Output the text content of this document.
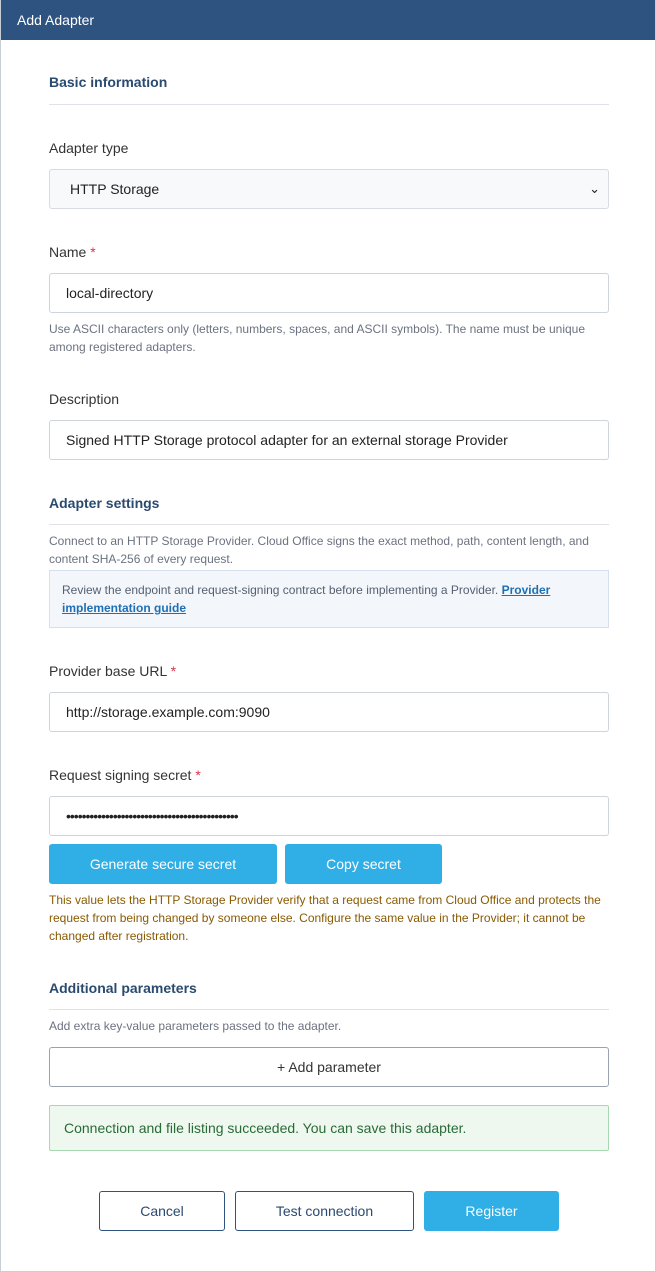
Add Adapter
Basic information
Adapter type
HTTP Storage	⌄
Name *
local-directory
Use ASCII characters only (letters, numbers, spaces, and ASCII symbols). The name must be unique among registered adapters.
Description
Signed HTTP Storage protocol adapter for an external storage Provider
Adapter settings
Connect to an HTTP Storage Provider. Cloud Office signs the exact method, path, content length, and content SHA-256 of every request.
Review the endpoint and request-signing contract before implementing a Provider. Provider implementation guide
Provider base URL *
http://storage.example.com:9090
Request signing secret *
••••••••••••••••••••••••••••••••••••••••••••
Generate secure secret	Copy secret
This value lets the HTTP Storage Provider verify that a request came from Cloud Office and protects the request from being changed by someone else. Configure the same value in the Provider; it cannot be changed after registration.
Additional parameters
Add extra key-value parameters passed to the adapter.
+ Add parameter
Connection and file listing succeeded. You can save this adapter.
Cancel	Test connection	Register
